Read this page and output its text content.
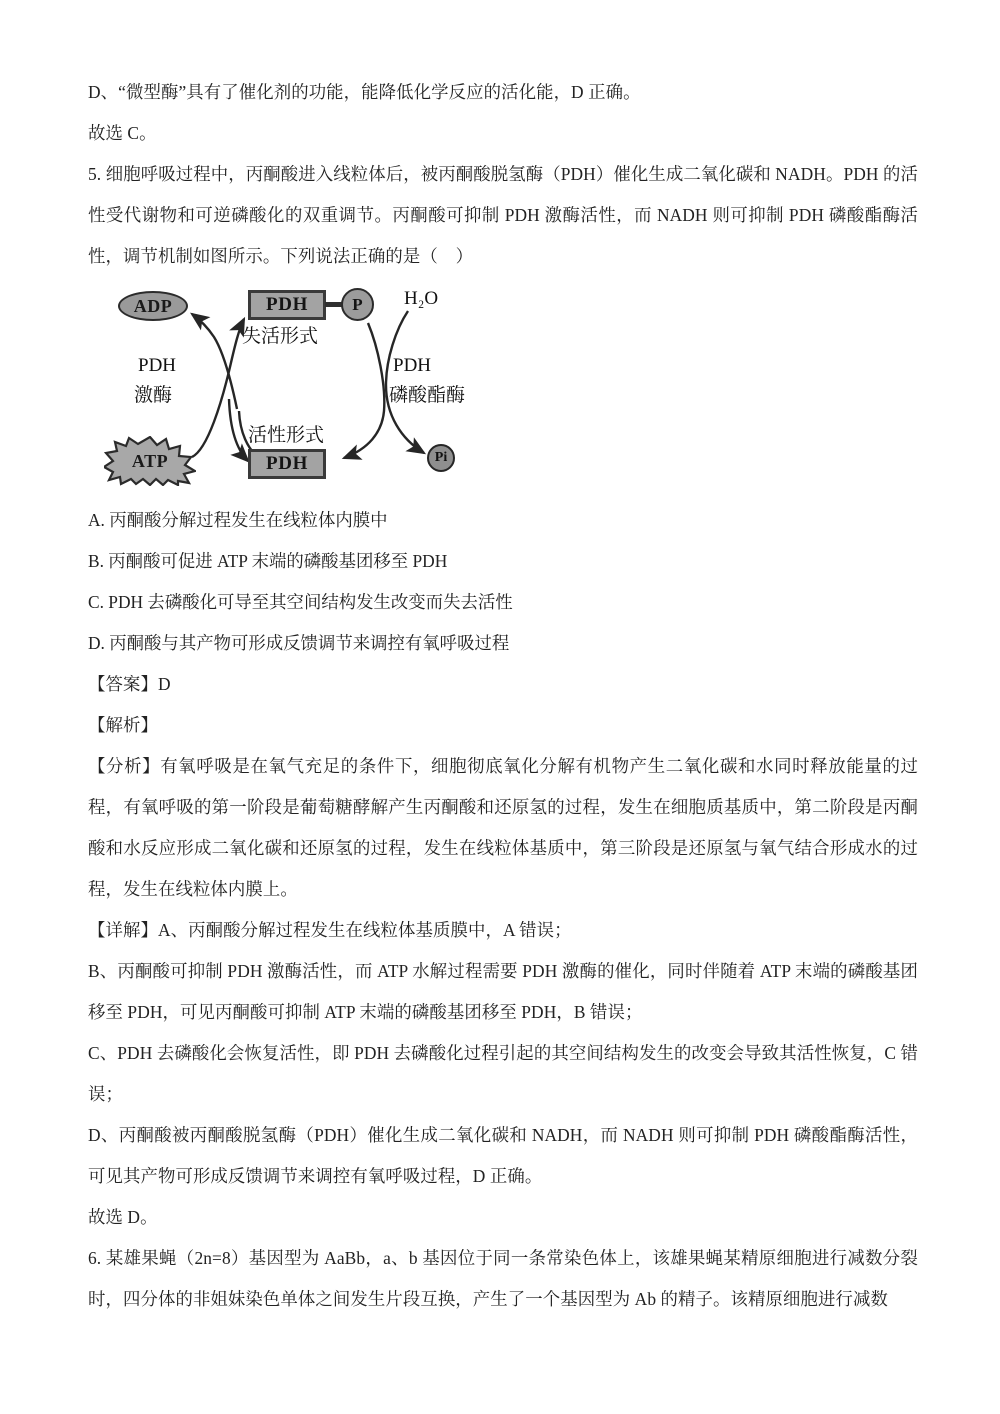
D、“微型酶”具有了催化剂的功能，能降低化学反应的活化能，D 正确。

故选 C。

5. 细胞呼吸过程中，丙酮酸进入线粒体后，被丙酮酸脱氢酶（PDH）催化生成二氧化碳和 NADH。PDH 的活性受代谢物和可逆磷酸化的双重调节。丙酮酸可抑制 PDH 激酶活性，而 NADH 则可抑制 PDH 磷酸酯酶活性，调节机制如图所示。下列说法正确的是（    ）

ADP
ATP
PDH	P
PDH	Pi
失活形式
活性形式
H₂O
PDH
激酶
PDH
磷酸酯酶

A. 丙酮酸分解过程发生在线粒体内膜中

B. 丙酮酸可促进 ATP 末端的磷酸基团移至 PDH

C. PDH 去磷酸化可导至其空间结构发生改变而失去活性

D. 丙酮酸与其产物可形成反馈调节来调控有氧呼吸过程

【答案】D

【解析】

【分析】有氧呼吸是在氧气充足的条件下，细胞彻底氧化分解有机物产生二氧化碳和水同时释放能量的过程，有氧呼吸的第一阶段是葡萄糖酵解产生丙酮酸和还原氢的过程，发生在细胞质基质中，第二阶段是丙酮酸和水反应形成二氧化碳和还原氢的过程，发生在线粒体基质中，第三阶段是还原氢与氧气结合形成水的过程，发生在线粒体内膜上。

【详解】A、丙酮酸分解过程发生在线粒体基质膜中，A 错误；

B、丙酮酸可抑制 PDH 激酶活性，而 ATP 水解过程需要 PDH 激酶的催化，同时伴随着 ATP 末端的磷酸基团移至 PDH，可见丙酮酸可抑制 ATP 末端的磷酸基团移至 PDH，B 错误；

C、PDH 去磷酸化会恢复活性，即 PDH 去磷酸化过程引起的其空间结构发生的改变会导致其活性恢复，C 错误；

D、丙酮酸被丙酮酸脱氢酶（PDH）催化生成二氧化碳和 NADH，而 NADH 则可抑制 PDH 磷酸酯酶活性，可见其产物可形成反馈调节来调控有氧呼吸过程，D 正确。

故选 D。

6. 某雄果蝇（2n=8）基因型为 AaBb，a、b 基因位于同一条常染色体上，该雄果蝇某精原细胞进行减数分裂时，四分体的非姐妹染色单体之间发生片段互换，产生了一个基因型为 Ab 的精子。该精原细胞进行减数
